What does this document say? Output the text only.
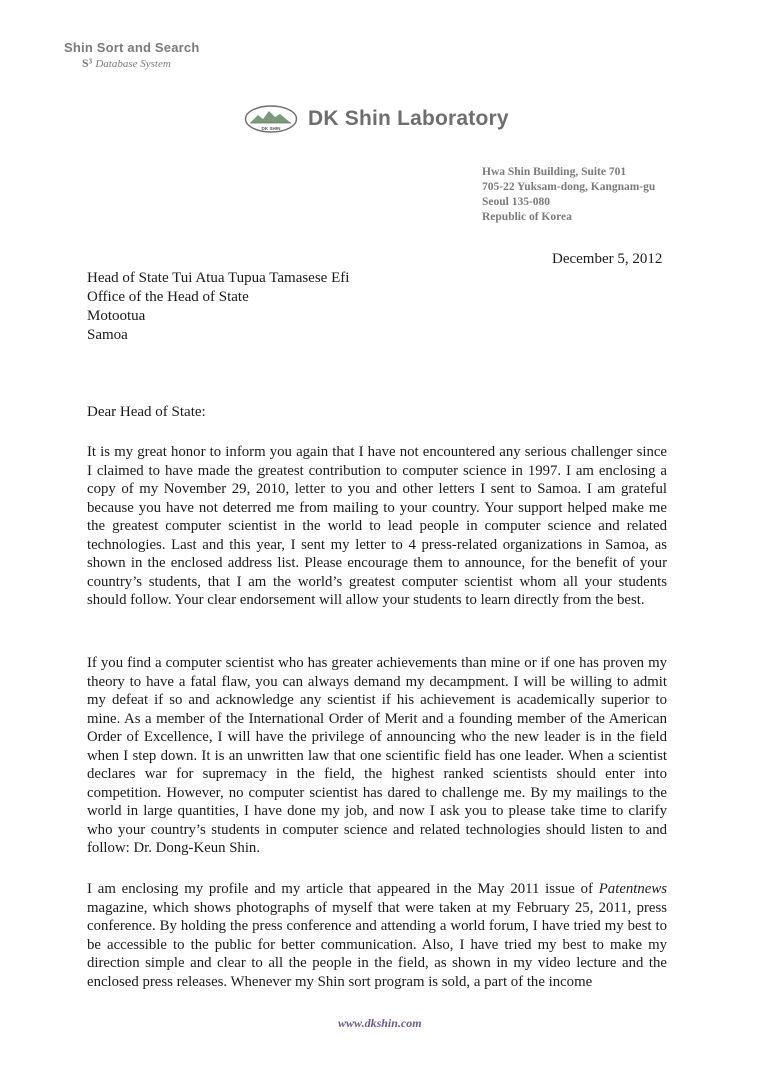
Shin Sort and Search
S³ Database System
DK SHIN DK Shin Laboratory
Hwa Shin Building, Suite 701
705-22 Yuksam-dong, Kangnam-gu
Seoul 135-080
Republic of Korea
December 5, 2012
Head of State Tui Atua Tupua Tamasese Efi
Office of the Head of State
Motootua
Samoa
Dear Head of State:
It is my great honor to inform you again that I have not encountered any serious challenger since I claimed to have made the greatest contribution to computer science in 1997. I am enclosing a copy of my November 29, 2010, letter to you and other letters I sent to Samoa. I am grateful because you have not deterred me from mailing to your country. Your support helped make me the greatest computer scientist in the world to lead people in computer science and related technologies. Last and this year, I sent my letter to 4 press-related organizations in Samoa, as shown in the enclosed address list. Please encourage them to announce, for the benefit of your country’s students, that I am the world’s greatest computer scientist whom all your students should follow. Your clear endorsement will allow your students to learn directly from the best.
If you find a computer scientist who has greater achievements than mine or if one has proven my theory to have a fatal flaw, you can always demand my decampment. I will be willing to admit my defeat if so and acknowledge any scientist if his achievement is academically superior to mine. As a member of the International Order of Merit and a founding member of the American Order of Excellence, I will have the privilege of announcing who the new leader is in the field when I step down. It is an unwritten law that one scientific field has one leader. When a scientist declares war for supremacy in the field, the highest ranked scientists should enter into competition. However, no computer scientist has dared to challenge me. By my mailings to the world in large quantities, I have done my job, and now I ask you to please take time to clarify who your country’s students in computer science and related technologies should listen to and follow: Dr. Dong-Keun Shin.
I am enclosing my profile and my article that appeared in the May 2011 issue of Patentnews magazine, which shows photographs of myself that were taken at my February 25, 2011, press conference. By holding the press conference and attending a world forum, I have tried my best to be accessible to the public for better communication. Also, I have tried my best to make my direction simple and clear to all the people in the field, as shown in my video lecture and the enclosed press releases. Whenever my Shin sort program is sold, a part of the income
www.dkshin.com
